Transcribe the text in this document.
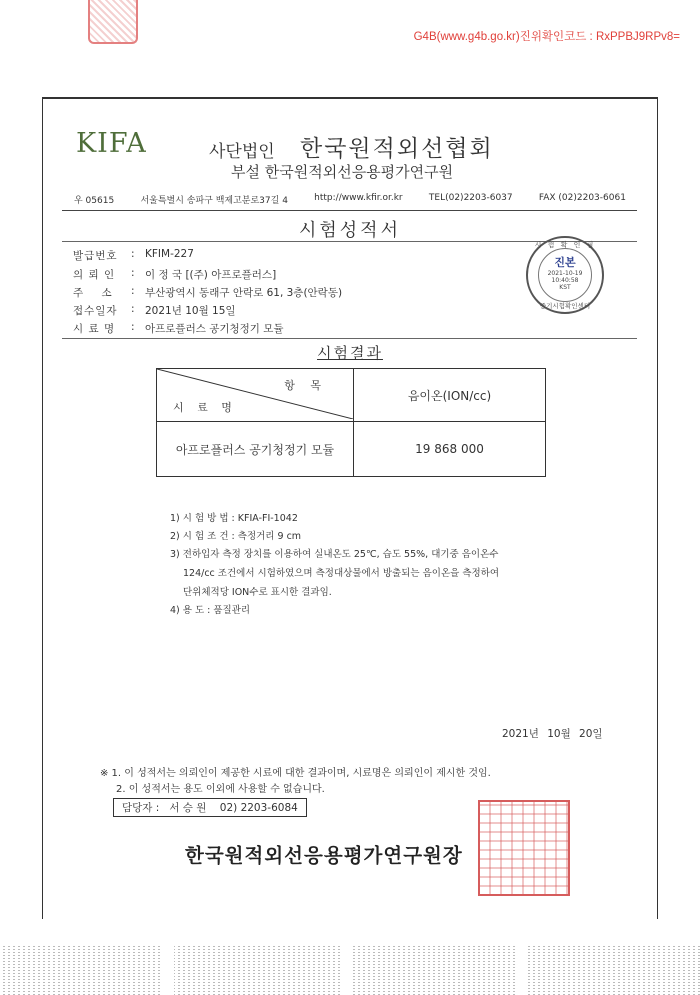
G4B(www.g4b.go.kr)진위확인코드 : RxPPBJ9RPv8=
KIFA	사단법인 한국원적외선협회
부설 한국원적외선응용평가연구원
우 05615	서울특별시 송파구 백제고분로37길 4	http://www.kfir.or.kr	TEL(02)2203-6037	FAX (02)2203-6061
시험성적서
발급번호	: KFIM-227
의 뢰 인	: 이 정 국 [(주) 아프로플러스]
주    소	: 부산광역시 동래구 안락로 61, 3층(안락동)
접수일자	: 2021년 10월 15일
시 료 명	: 아프로플러스 공기청정기 모듈
시 험 확 인 필
진본
2021-10-19
10:40:58
KST
중기시험확인센터
시험결과
항 목
시 료 명	음이온(ION/cc)
아프로플러스 공기청정기 모듈	19 868 000
1) 시 험 방 법 : KFIA-FI-1042
2) 시 험 조 건 : 측정거리 9 cm
3) 전하입자 측정 장치를 이용하여 실내온도 25℃, 습도 55%, 대기중 음이온수
124/cc 조건에서 시험하였으며 측정대상물에서 방출되는 음이온을 측정하여
단위체적당 ION수로 표시한 결과임.
4) 용 도 : 품질관리
2021년 10월 20일
※ 1. 이 성적서는 의뢰인이 제공한 시료에 대한 결과이며, 시료명은 의뢰인이 제시한 것임.
2. 이 성적서는 용도 이외에 사용할 수 없습니다.
담당자 :   서 승 원    02) 2203-6084
한국원적외선응용평가연구원장
